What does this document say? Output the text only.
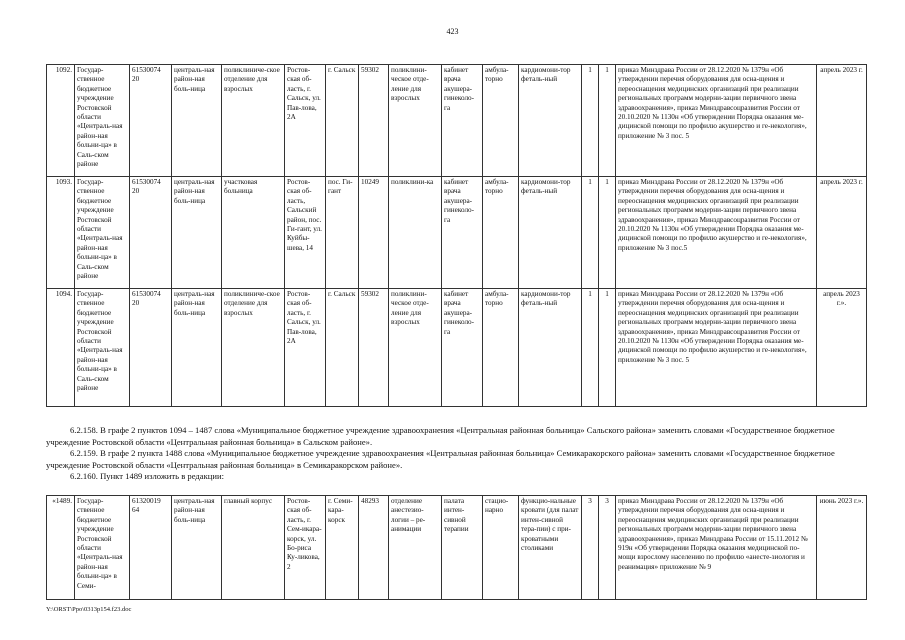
423
1092.	Государ-ственное бюджетное учреждение Ростовской области «Централь-ная район-ная больни-ца» в Саль-ском районе	61530074 20	централь-ная район-ная боль-ница	поликлиниче-ское отделение для взрослых	Ростов-ская об-ласть, г. Сальск, ул. Пав-лова, 2А	г. Сальск	59302	поликлини-ческое отде-ление для взрослых	кабинет врача акушера-гинеколо-га	амбула-торно	кардиомони-тор феталь-ный	1	1	приказ Минздрава России от 28.12.2020 № 1379н «Об утверждении перечня оборудования для осна-щения и переоснащения медицинских организаций при реализации региональных программ модерни-зации первичного звена здравоохранения», приказ Минздравсоцразвития России от 20.10.2020 № 1130н «Об утверждении Порядка оказания ме-дицинской помощи по профилю акушерство и ге-некология», приложение № 3 пос. 5	апрель 2023 г.
1093.	Государ-ственное бюджетное учреждение Ростовской области «Централь-ная район-ная больни-ца» в Саль-ском районе	61530074 20	централь-ная район-ная боль-ница	участковая больница	Ростов-ская об-ласть, Сальский район, пос. Ги-гант, ул. Куйбы-шева, 14	пос. Ги-гант	10249	поликлини-ка	кабинет врача акушера-гинеколо-га	амбула-торно	кардиомони-тор феталь-ный	1	1	приказ Минздрава России от 28.12.2020 № 1379н «Об утверждении перечня оборудования для осна-щения и переоснащения медицинских организаций при реализации региональных программ модерни-зации первичного звена здравоохранения», приказ Минздравсоцразвития России от 20.10.2020 № 1130н «Об утверждении Порядка оказания ме-дицинской помощи по профилю акушерство и ге-некология», приложение № 3 пос.5	апрель 2023 г.
1094.	Государ-ственное бюджетное учреждение Ростовской области «Централь-ная район-ная больни-ца» в Саль-ском районе	61530074 20	централь-ная район-ная боль-ница	поликлиниче-ское отделение для взрослых	Ростов-ская об-ласть, г. Сальск, ул. Пав-лова, 2А	г. Сальск	59302	поликлини-ческое отде-ление для взрослых	кабинет врача акушера-гинеколо-га	амбула-торно	кардиомони-тор феталь-ный	1	1	приказ Минздрава России от 28.12.2020 № 1379н «Об утверждении перечня оборудования для осна-щения и переоснащения медицинских организаций при реализации региональных программ модерни-зации первичного звена здравоохранения», приказ Минздравсоцразвития России от 20.10.2020 № 1130н «Об утверждении Порядка оказания ме-дицинской помощи по профилю акушерство и ге-некология», приложение № 3 пос. 5	апрель 2023 г.».
6.2.158. В графе 2 пунктов 1094 – 1487 слова «Муниципальное бюджетное учреждение здравоохранения «Центральная районная больница» Сальского района» заменить словами «Государственное бюджетное учреждение Ростовской области «Центральная районная больница» в Сальском районе».
6.2.159. В графе 2 пункта 1488 слова «Муниципальное бюджетное учреждение здравоохранения «Центральная районная больница» Семикаракорского района» заменить словами «Государственное бюджетное учреждение Ростовской области «Центральная районная больница» в Семикаракорском районе».
6.2.160. Пункт 1489 изложить в редакции:
«1489.	Государ-ственное бюджетное учреждение Ростовской области «Централь-ная район-ная больни-ца» в Семи-	61320019 64	централь-ная район-ная боль-ница	главный корпус	Ростов-ская об-ласть, г. Сем-икара-корск, ул. Бо-риса Ку-ликова, 2	г. Семи-кара-корск	48293	отделение анестезио-логии – ре-анимации	палата интен-сивной терапии	стацио-нарно	функцио-нальные кровати (для палат интен-сивной тера-пии) с при-кроватными столиками	3	3	приказ Минздрава России от 28.12.2020 № 1379н «Об утверждении перечня оборудования для осна-щения и переоснащения медицинских организаций при реализации региональных программ модерни-зации первичного звена здравоохранения», приказ Минздрава России от 15.11.2012 № 919н «Об утверждении Порядка оказания медицинской по-мощи взрослому населению по профилю «анесте-зиология и реанимация» приложение № 9	июнь 2023 г.».
Y:\ORST\Ppo\0313p154.f23.doc
